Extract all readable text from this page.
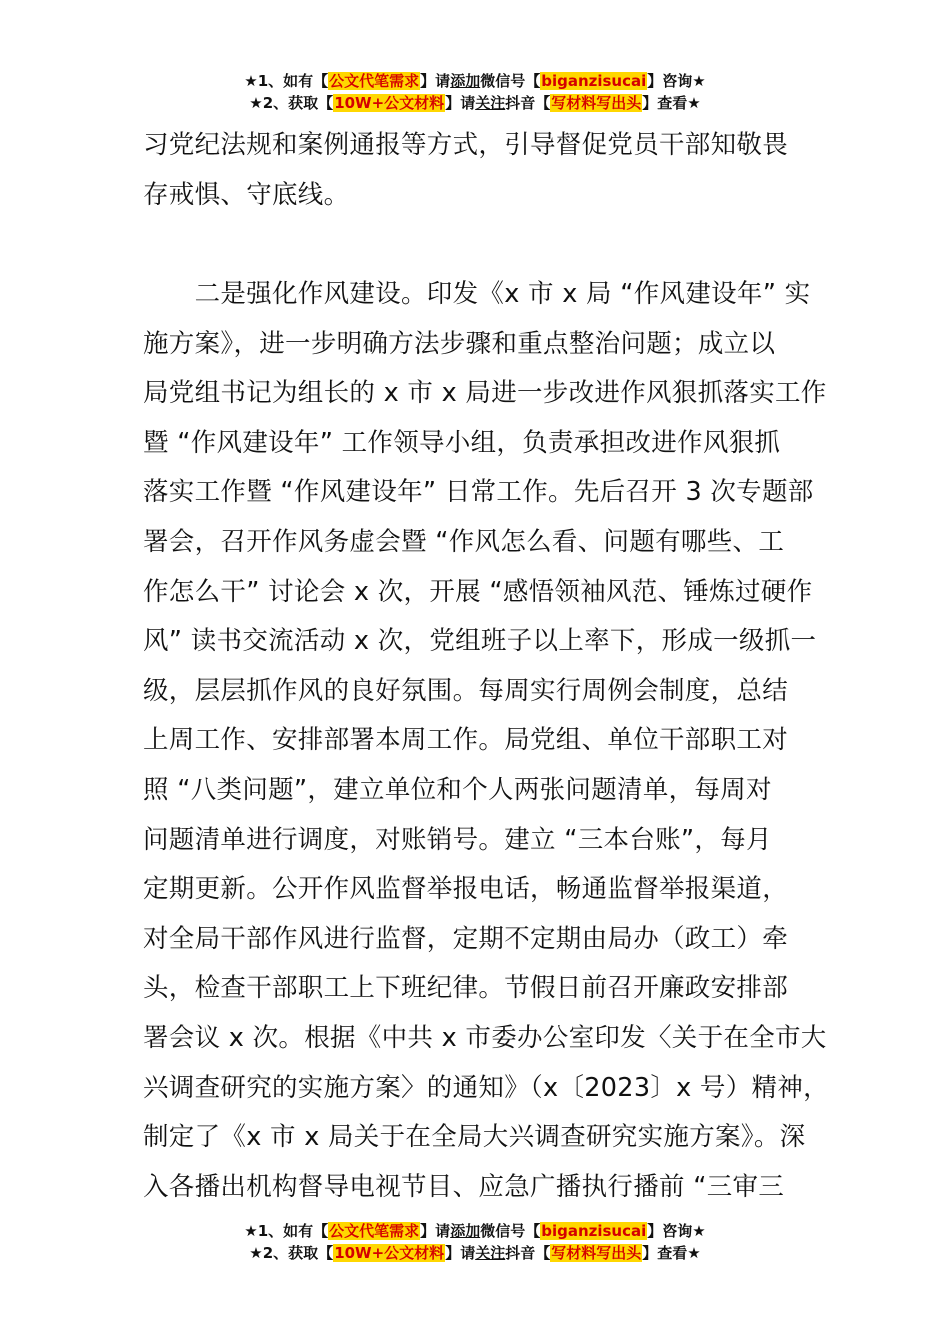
★1、如有【公文代笔需求】请添加微信号【biganzisucai】咨询★
★2、获取【10W+公文材料】请关注抖音【写材料写出头】查看★
习党纪法规和案例通报等方式，引导督促党员干部知敬畏
存戒惧、守底线。
　　二是强化作风建设。印发《x 市 x 局 “作风建设年” 实
施方案》，进一步明确方法步骤和重点整治问题；成立以
局党组书记为组长的 x 市 x 局进一步改进作风狠抓落实工作
暨 “作风建设年” 工作领导小组，负责承担改进作风狠抓
落实工作暨 “作风建设年” 日常工作。先后召开 3 次专题部
署会，召开作风务虚会暨 “作风怎么看、问题有哪些、工
作怎么干” 讨论会 x 次，开展 “感悟领袖风范、锤炼过硬作
风” 读书交流活动 x 次，党组班子以上率下，形成一级抓一
级，层层抓作风的良好氛围。每周实行周例会制度，总结
上周工作、安排部署本周工作。局党组、单位干部职工对
照 “八类问题”，建立单位和个人两张问题清单，每周对
问题清单进行调度，对账销号。建立 “三本台账”，每月
定期更新。公开作风监督举报电话，畅通监督举报渠道，
对全局干部作风进行监督，定期不定期由局办（政工）牵
头，检查干部职工上下班纪律。节假日前召开廉政安排部
署会议 x 次。根据《中共 x 市委办公室印发〈关于在全市大
兴调查研究的实施方案〉的通知》（x〔2023〕x 号）精神，
制定了《x 市 x 局关于在全局大兴调查研究实施方案》。深
入各播出机构督导电视节目、应急广播执行播前 “三审三
★1、如有【公文代笔需求】请添加微信号【biganzisucai】咨询★
★2、获取【10W+公文材料】请关注抖音【写材料写出头】查看★
